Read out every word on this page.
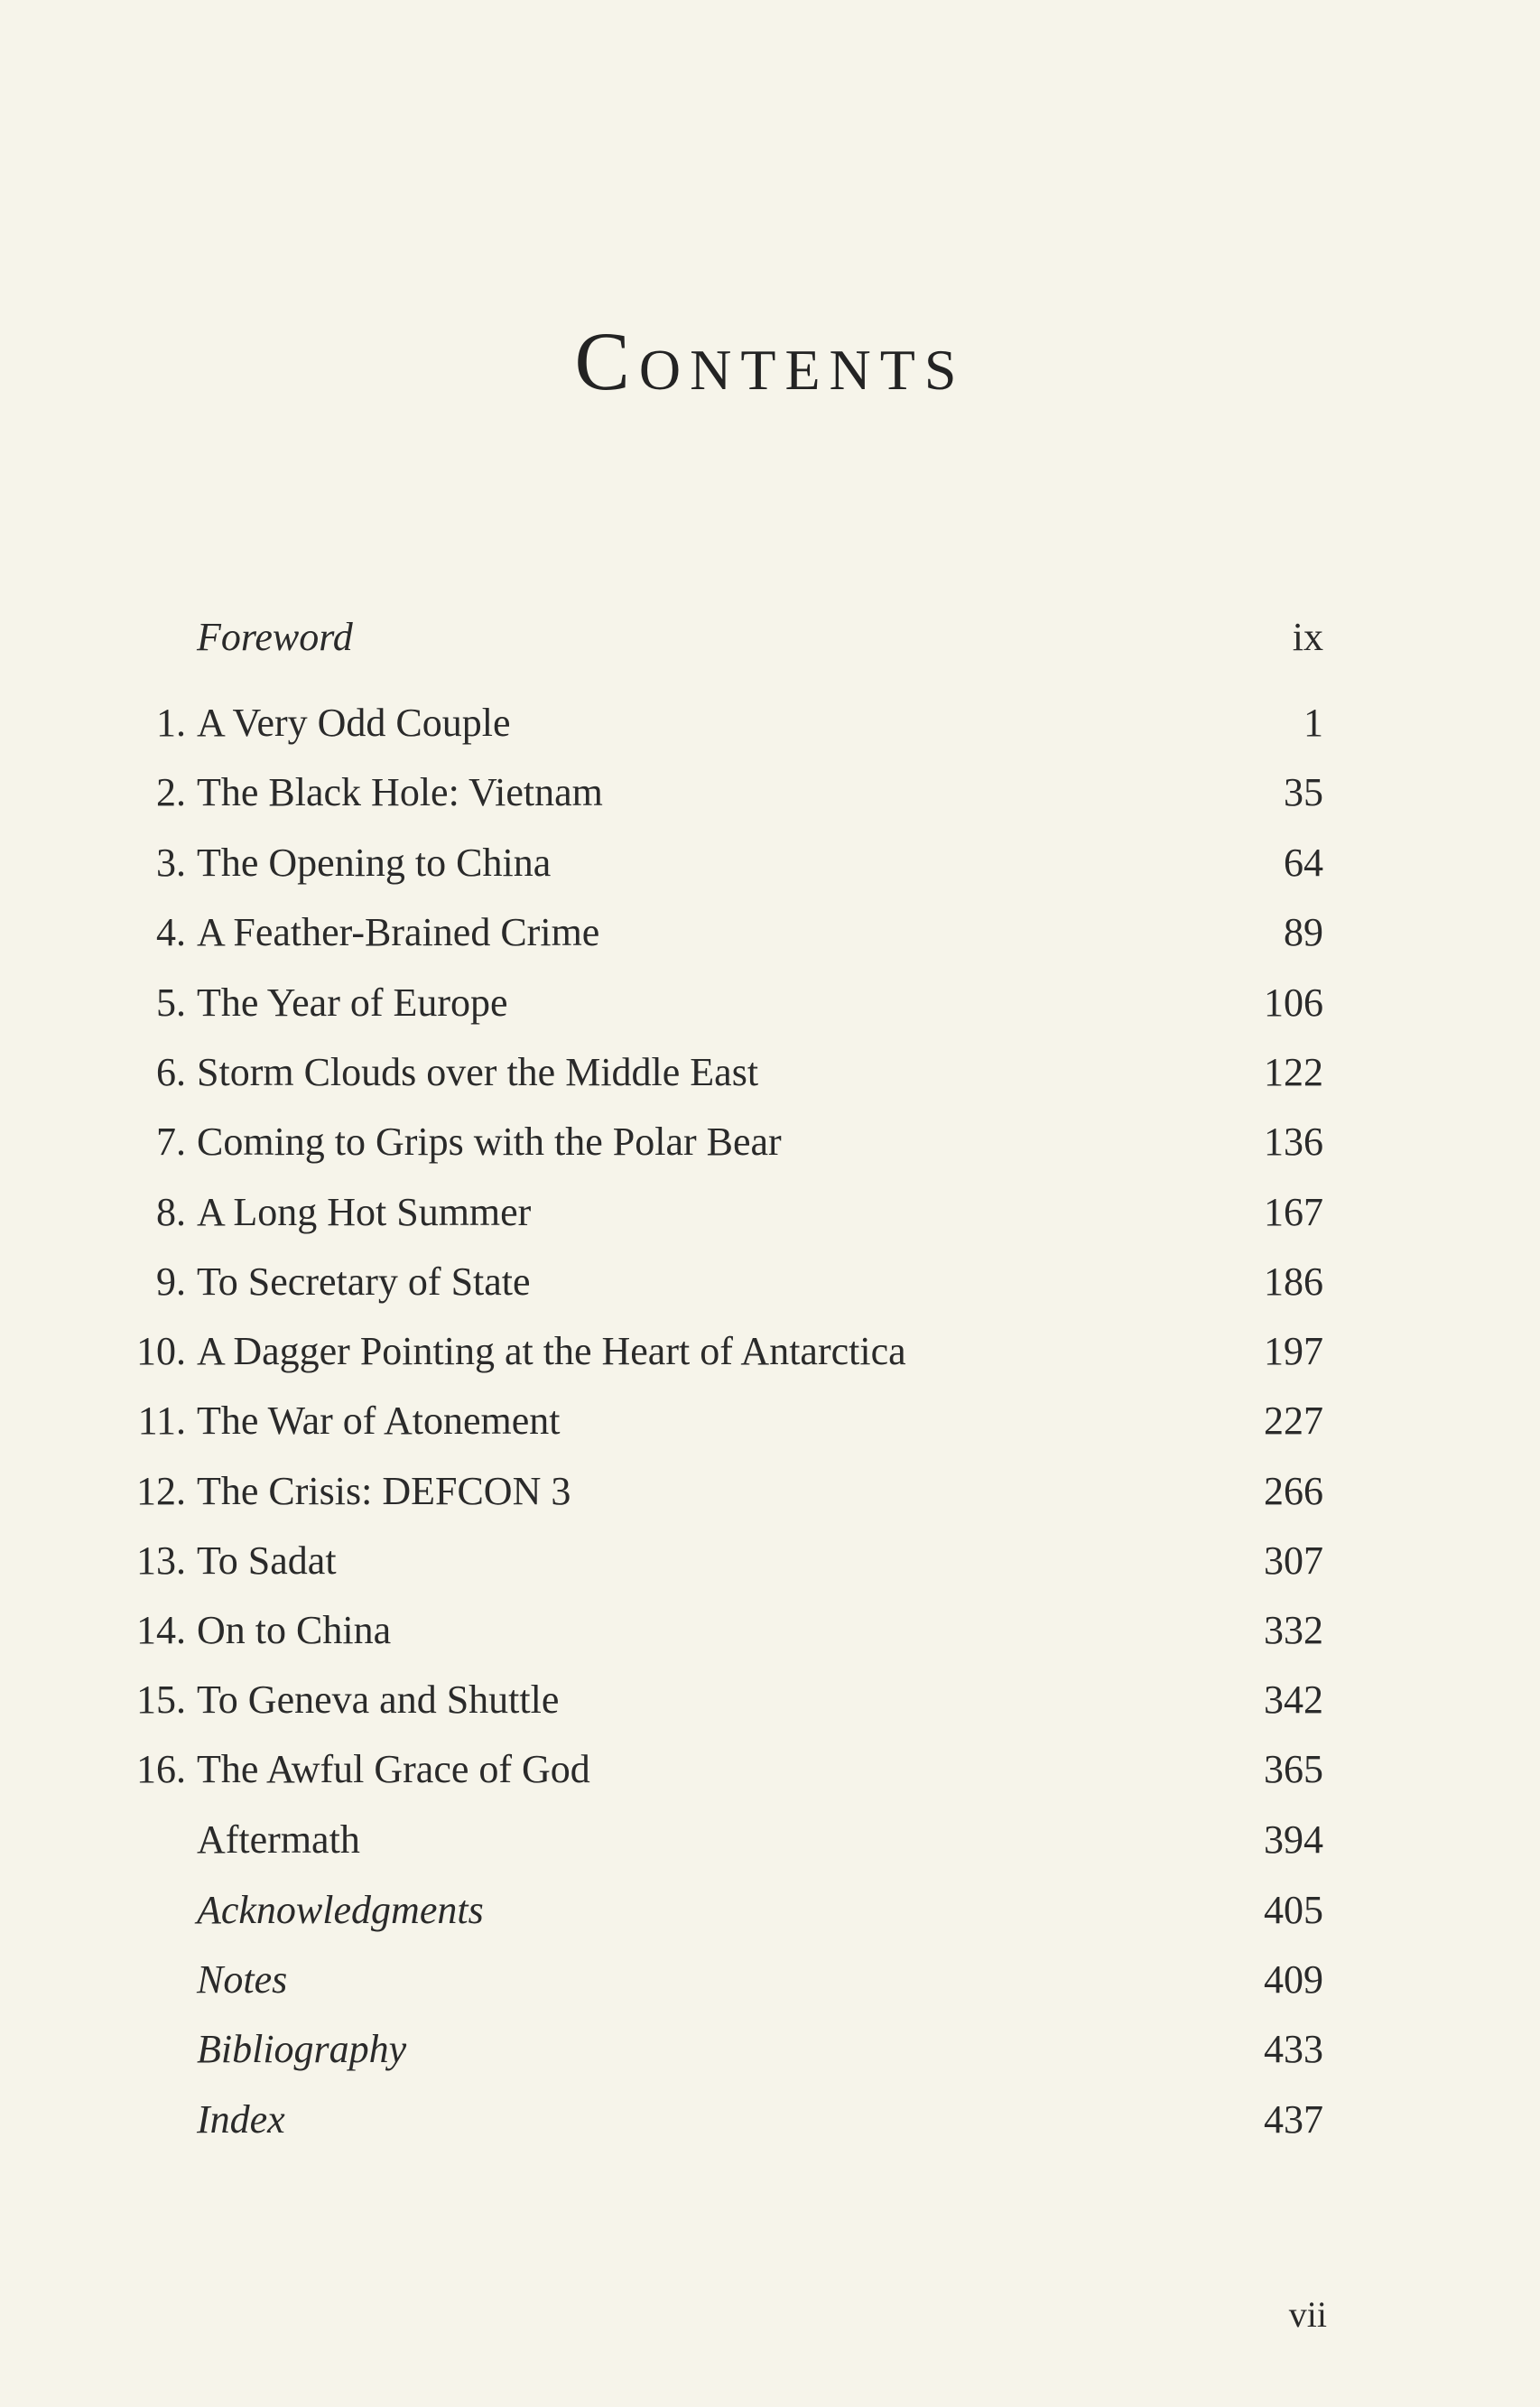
Contents
Foreword	ix
1. A Very Odd Couple	1
2. The Black Hole: Vietnam	35
3. The Opening to China	64
4. A Feather-Brained Crime	89
5. The Year of Europe	106
6. Storm Clouds over the Middle East	122
7. Coming to Grips with the Polar Bear	136
8. A Long Hot Summer	167
9. To Secretary of State	186
10. A Dagger Pointing at the Heart of Antarctica	197
11. The War of Atonement	227
12. The Crisis: DEFCON 3	266
13. To Sadat	307
14. On to China	332
15. To Geneva and Shuttle	342
16. The Awful Grace of God	365
Aftermath	394
Acknowledgments	405
Notes	409
Bibliography	433
Index	437
vii
